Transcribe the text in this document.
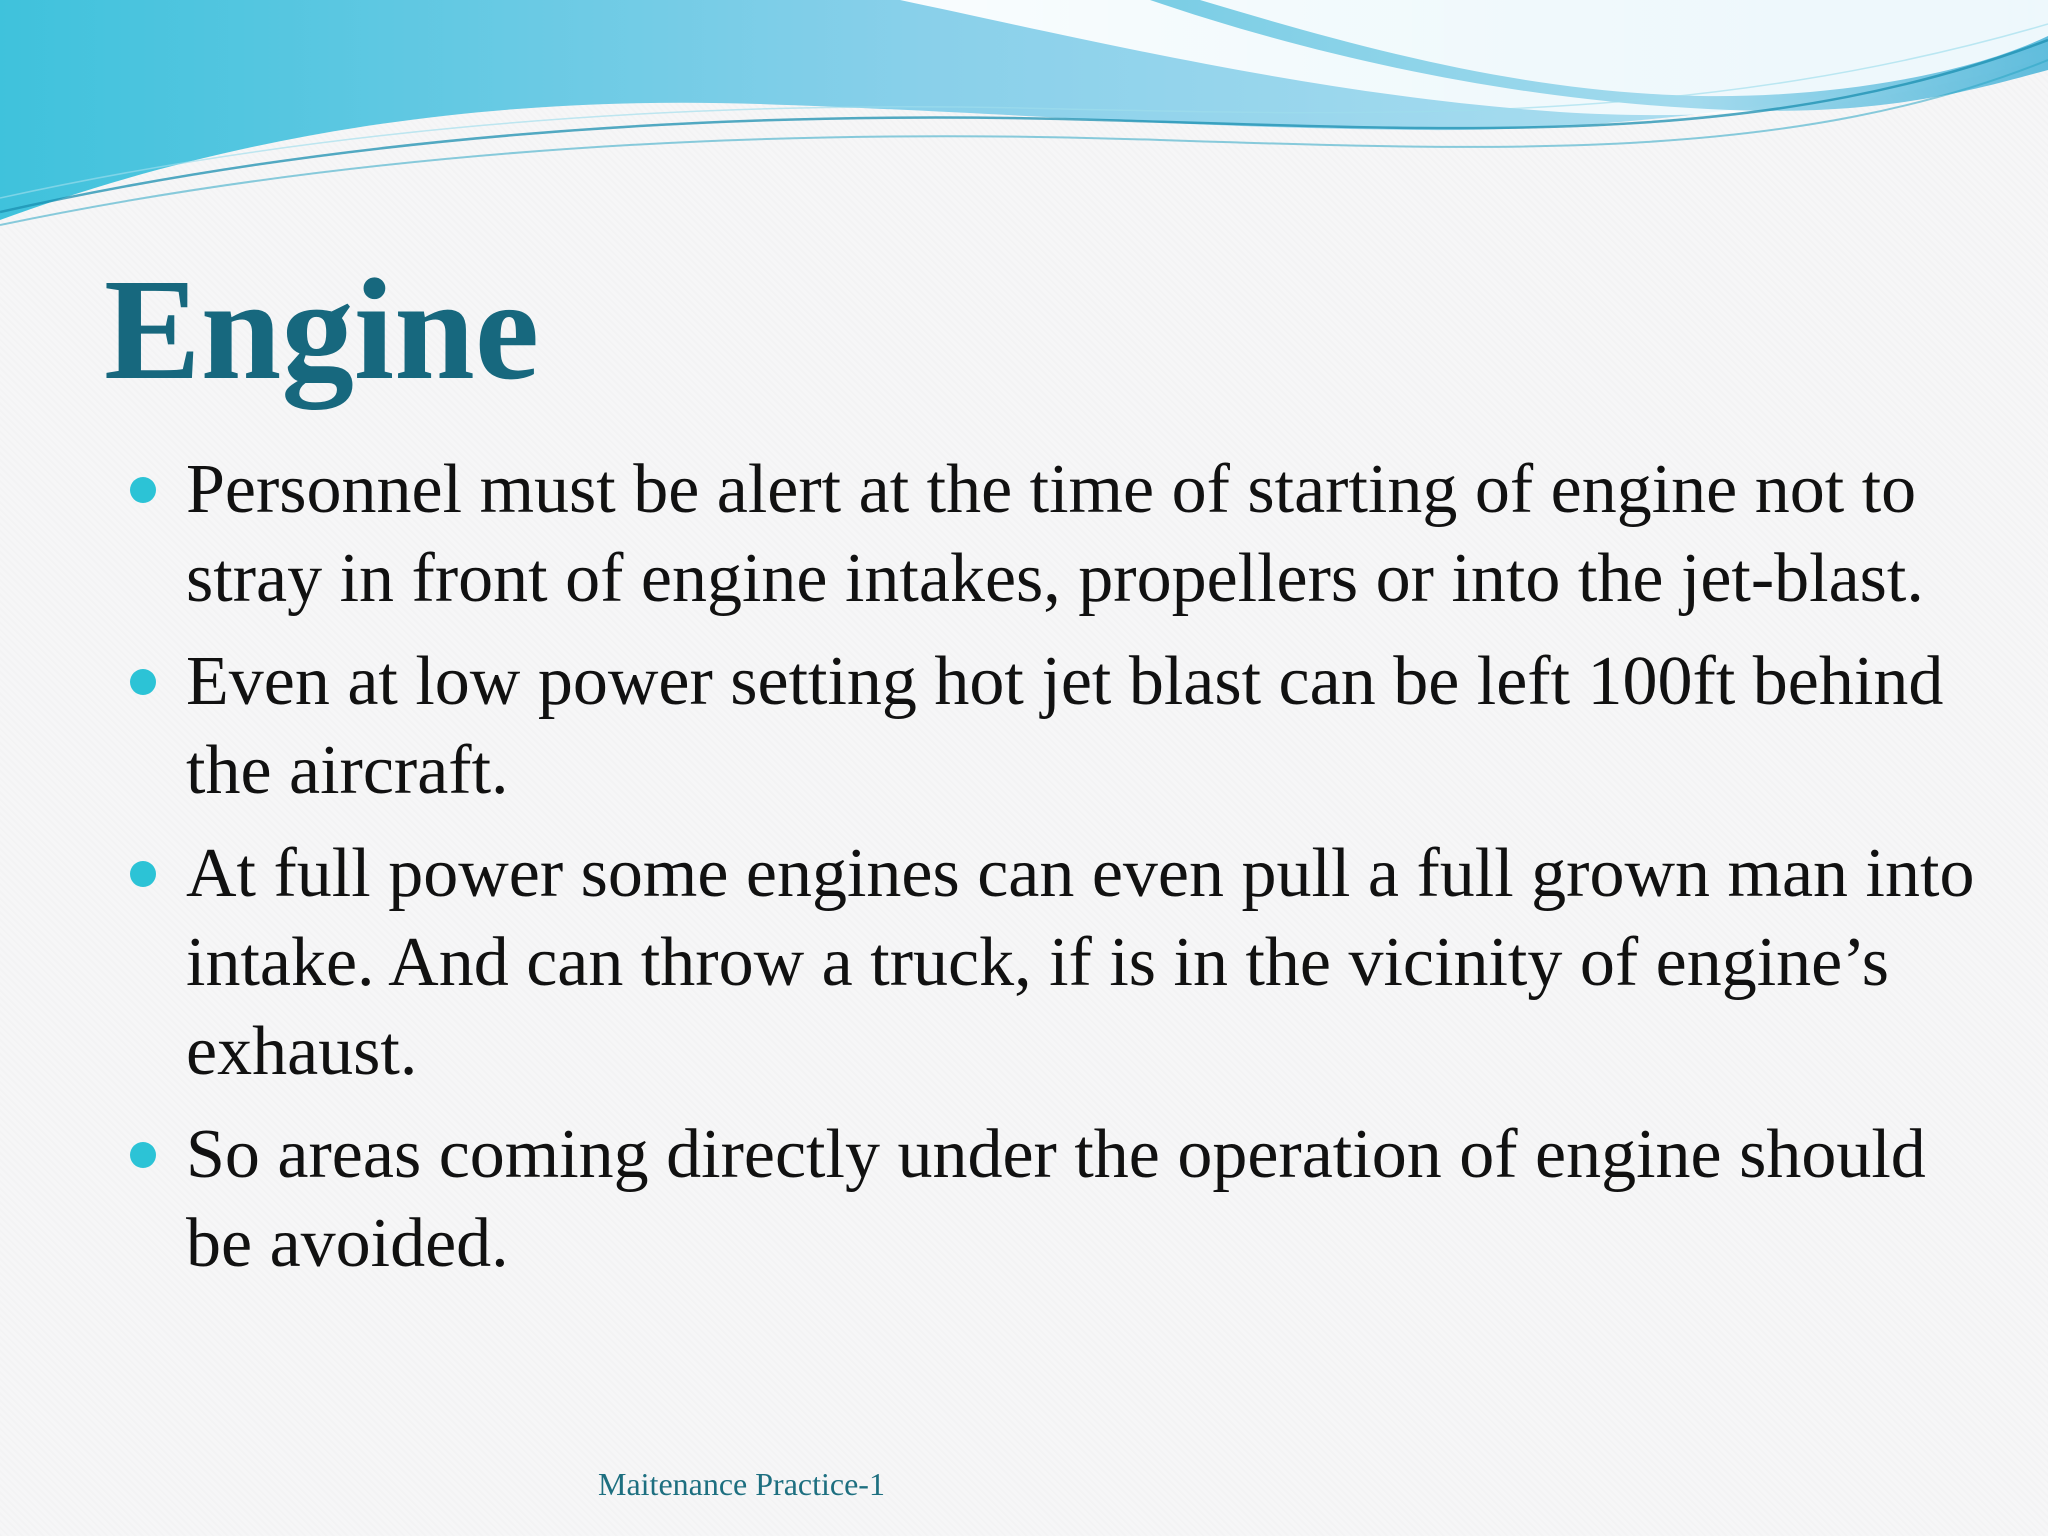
Engine
Personnel must be alert at the time of starting of engine not to stray in front of engine intakes, propellers or into the jet-blast.
Even at low power setting hot jet blast can be left 100ft behind the aircraft.
At full power some engines can even pull a full grown man into intake. And can throw a truck, if is in the vicinity of engine’s exhaust.
So areas coming directly under the operation of engine should be avoided.
Maitenance Practice-1
